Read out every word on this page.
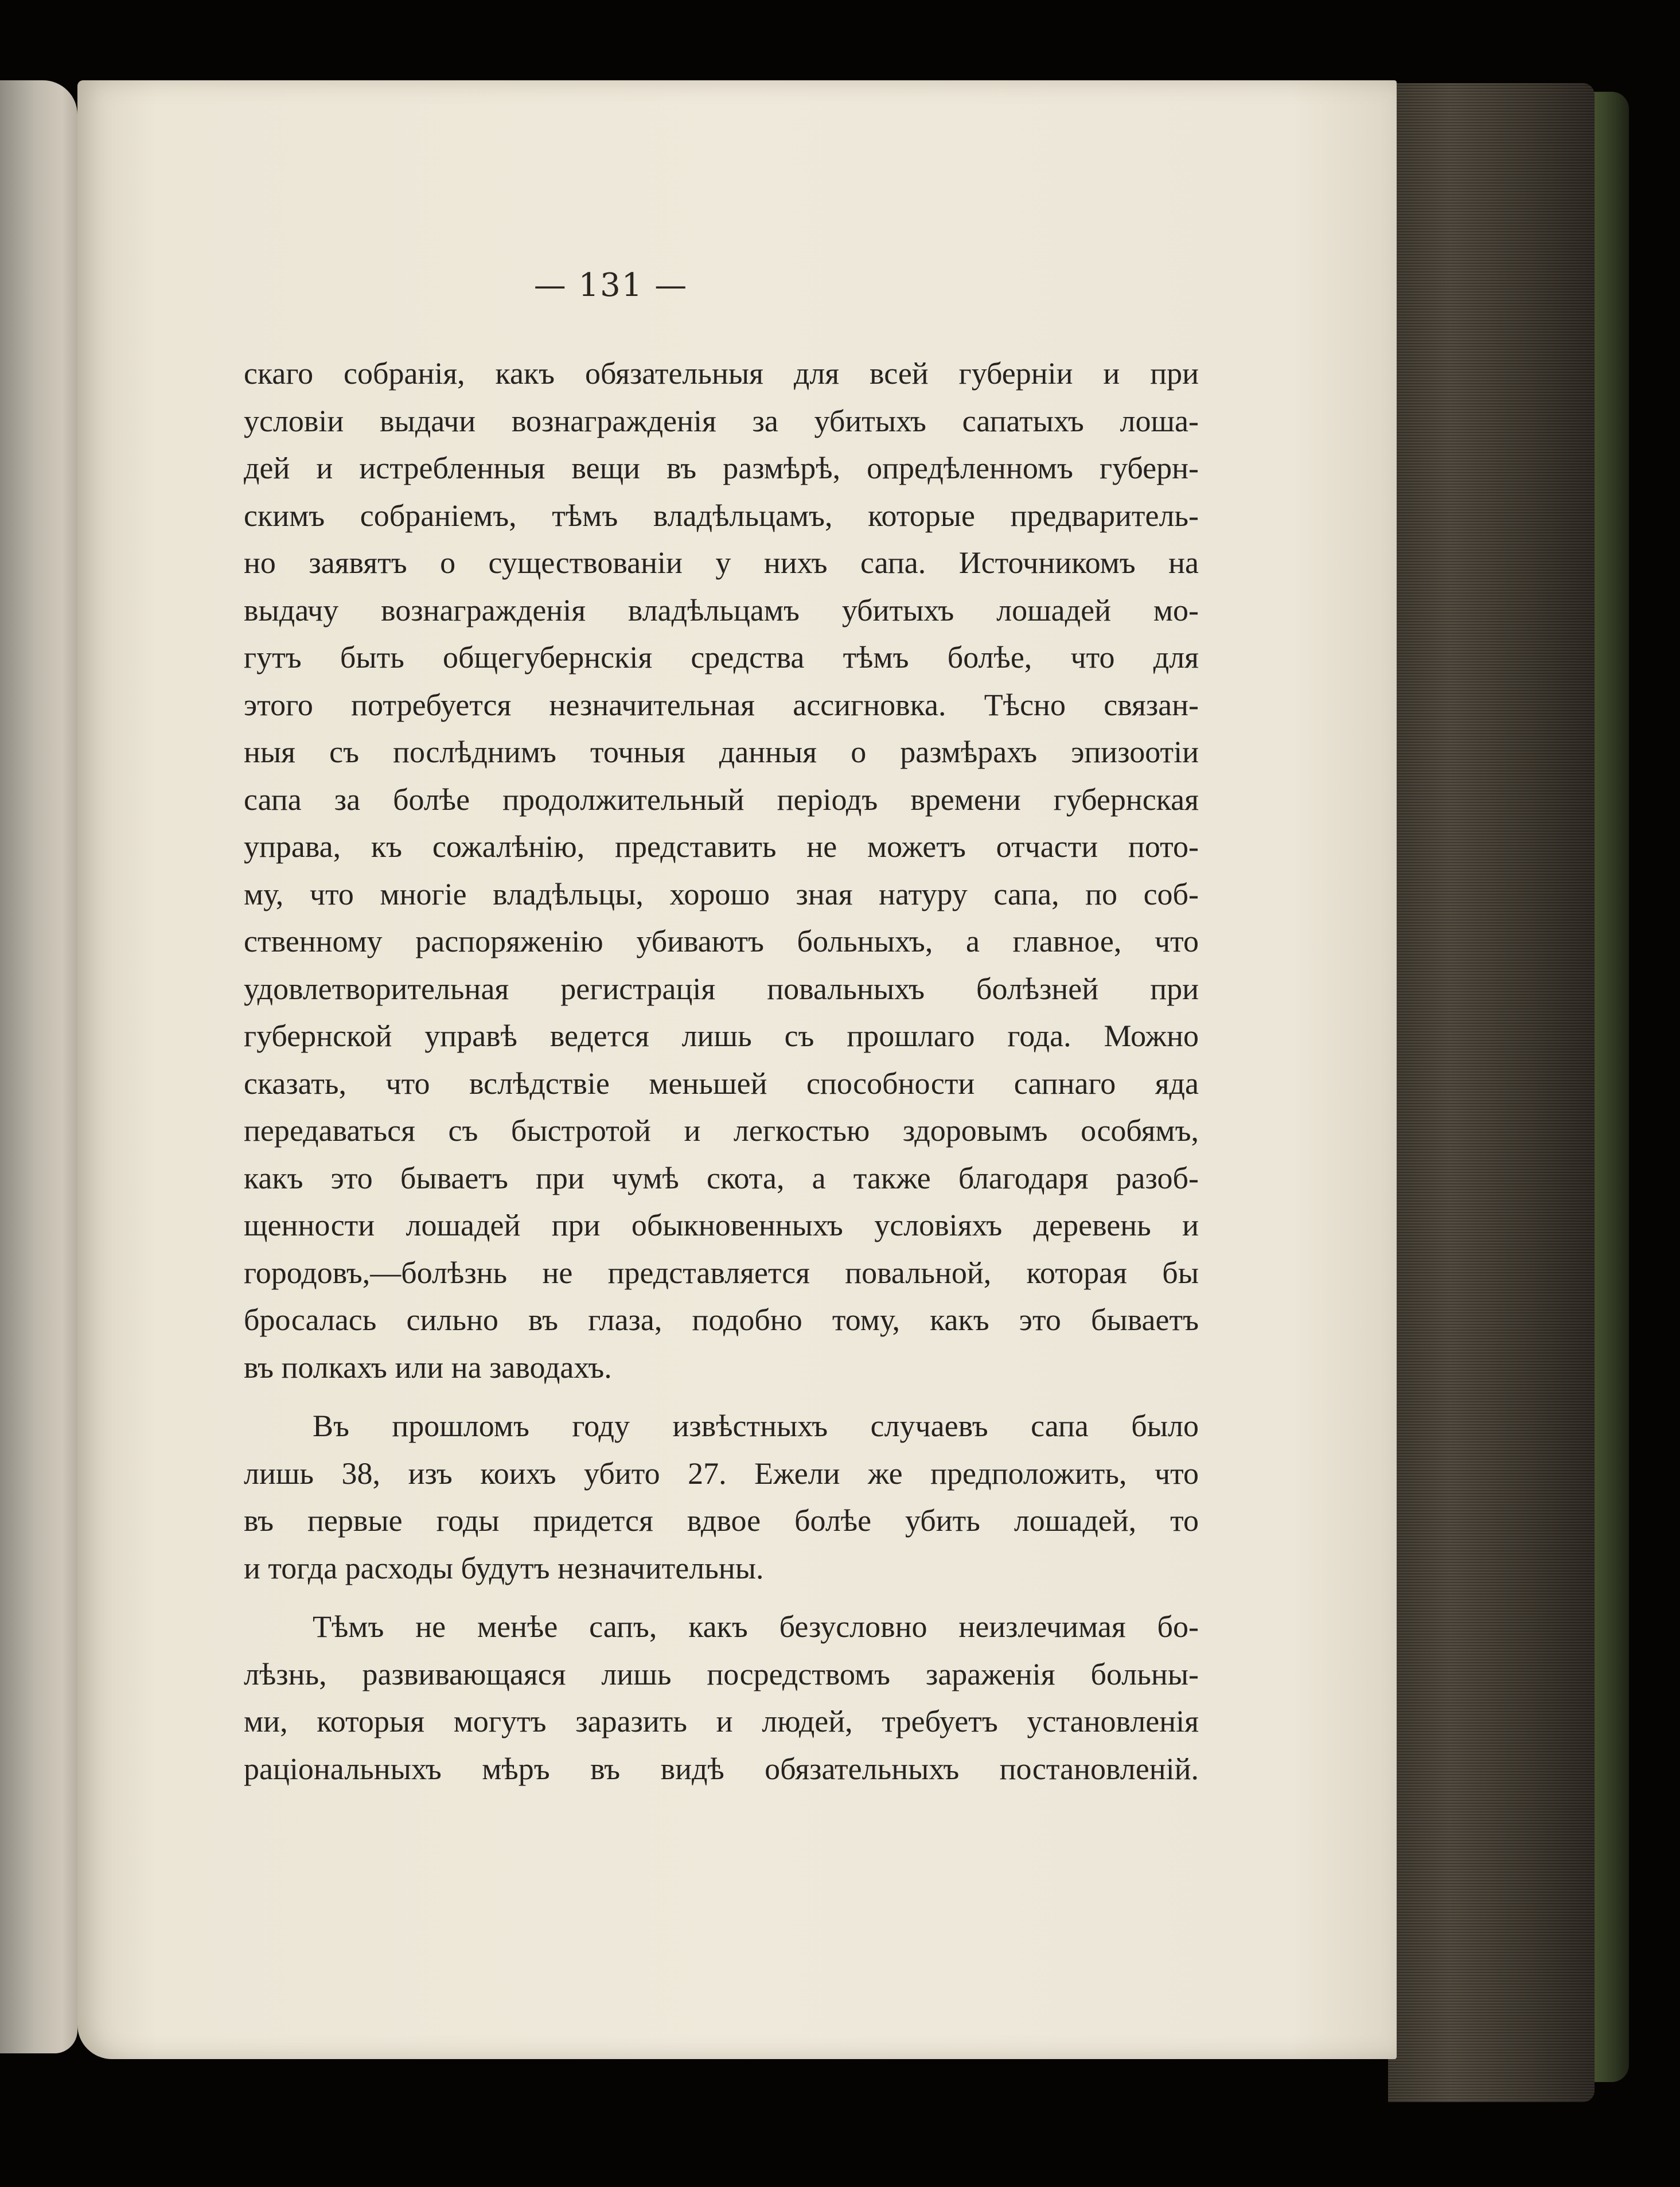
— 131 —
скаго собранія, какъ обязательныя для всей губерніи и при
условіи выдачи вознагражденія за убитыхъ сапатыхъ лоша-
дей и истребленныя вещи въ размѣрѣ, опредѣленномъ губерн-
скимъ собраніемъ, тѣмъ владѣльцамъ, которые предваритель-
но заявятъ о существованіи у нихъ сапа. Источникомъ на
выдачу вознагражденія владѣльцамъ убитыхъ лошадей мо-
гутъ быть общегубернскія средства тѣмъ болѣе, что для
этого потребуется незначительная ассигновка. Тѣсно связан-
ныя съ послѣднимъ точныя данныя о размѣрахъ эпизоотіи
сапа за болѣе продолжительный періодъ времени губернская
управа, къ сожалѣнію, представить не можетъ отчасти пото-
му, что многіе владѣльцы, хорошо зная натуру сапа, по соб-
ственному распоряженію убиваютъ больныхъ, а главное, что
удовлетворительная регистрація повальныхъ болѣзней при
губернской управѣ ведется лишь съ прошлаго года. Можно
сказать, что вслѣдствіе меньшей способности сапнаго яда
передаваться съ быстротой и легкостью здоровымъ особямъ,
какъ это бываетъ при чумѣ скота, а также благодаря разоб-
щенности лошадей при обыкновенныхъ условіяхъ деревень и
городовъ,—болѣзнь не представляется повальной, которая бы
бросалась сильно въ глаза, подобно тому, какъ это бываетъ
въ полкахъ или на заводахъ.
Въ прошломъ году извѣстныхъ случаевъ сапа было
лишь 38, изъ коихъ убито 27. Ежели же предположить, что
въ первые годы придется вдвое болѣе убить лошадей, то
и тогда расходы будутъ незначительны.
Тѣмъ не менѣе сапъ, какъ безусловно неизлечимая бо-
лѣзнь, развивающаяся лишь посредствомъ зараженія больны-
ми, которыя могутъ заразить и людей, требуетъ установленія
раціональныхъ мѣръ въ видѣ обязательныхъ постановленій.
